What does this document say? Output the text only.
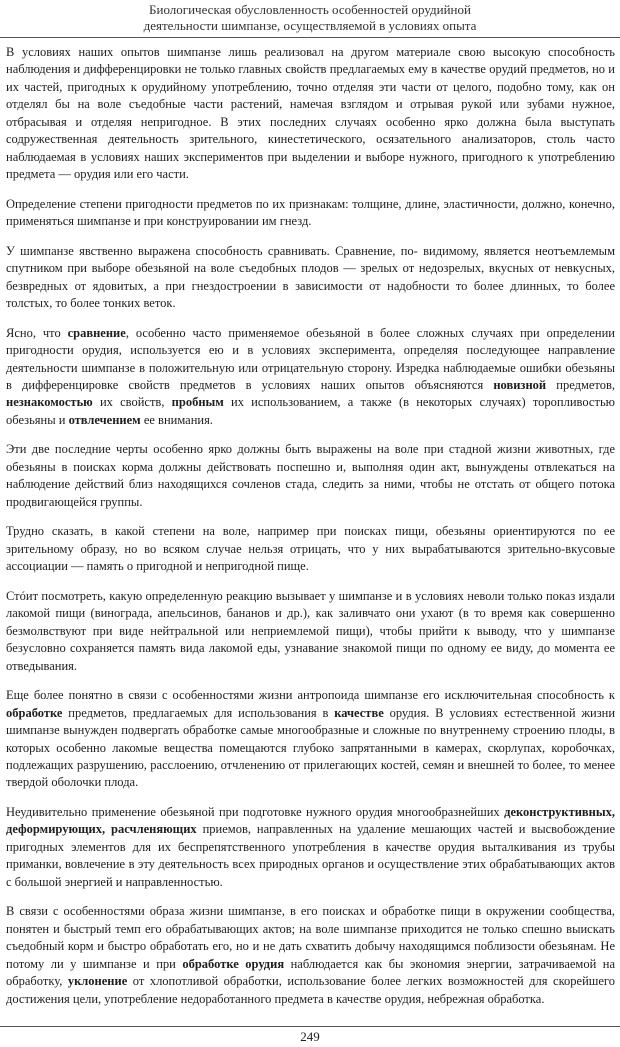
Биологическая обусловленность особенностей орудийной
деятельности шимпанзе, осуществляемой в условиях опыта

В условиях наших опытов шимпанзе лишь реализовал на другом материале свою высокую способность наблюдения и дифференцировки не только главных свойств предлагаемых ему в качестве орудий предметов, но и их частей, пригодных к орудийному употреблению, точно отделяя эти части от целого, подобно тому, как он отделял бы на воле съедобные части растений, намечая взглядом и отрывая рукой или зубами нужное, отбрасывая и отделяя непригодное. В этих последних случаях особенно ярко должна была выступать содружественная деятельность зрительного, кинестетического, осязательного анализаторов, столь часто наблюдаемая в условиях наших экспериментов при выделении и выборе нужного, пригодного к употреблению предмета — орудия или его части.

Определение степени пригодности предметов по их признакам: толщине, длине, эластичности, должно, конечно, применяться шимпанзе и при конструировании им гнезд.

У шимпанзе явственно выражена способность сравнивать. Сравнение, по- видимому, является неотъемлемым спутником при выборе обезьяной на воле съедобных плодов — зрелых от недозрелых, вкусных от невкусных, безвредных от ядовитых, а при гнездостроении в зависимости от надобности то более длинных, то более толстых, то более тонких веток.

Ясно, что сравнение, особенно часто применяемое обезьяной в более сложных случаях при определении пригодности орудия, используется ею и в условиях эксперимента, определяя последующее направление деятельности шимпанзе в положительную или отрицательную сторону. Изредка наблюдаемые ошибки обезьяны в дифференцировке свойств предметов в условиях наших опытов объясняются новизной предметов, незнакомостью их свойств, пробным их использованием, а также (в некоторых случаях) торопливостью обезьяны и отвлечением ее внимания.

Эти две последние черты особенно ярко должны быть выражены на воле при стадной жизни животных, где обезьяны в поисках корма должны действовать поспешно и, выполняя один акт, вынуждены отвлекаться на наблюдение действий близ находящихся сочленов стада, следить за ними, чтобы не отстать от общего потока продвигающейся группы.

Трудно сказать, в какой степени на воле, например при поисках пищи, обезьяны ориентируются по ее зрительному образу, но во всяком случае нельзя отрицать, что у них вырабатываются зрительно-вкусовые ассоциации — память о пригодной и непригодной пище.

Стóит посмотреть, какую определенную реакцию вызывает у шимпанзе и в условиях неволи только показ издали лакомой пищи (винограда, апельсинов, бананов и др.), как заливчато они ухают (в то время как совершенно безмолвствуют при виде нейтральной или неприемлемой пищи), чтобы прийти к выводу, что у шимпанзе безусловно сохраняется память вида лакомой еды, узнавание знакомой пищи по одному ее виду, до момента ее отведывания.

Еще более понятно в связи с особенностями жизни антропоида шимпанзе его исключительная способность к обработке предметов, предлагаемых для использования в качестве орудия. В условиях естественной жизни шимпанзе вынужден подвергать обработке самые многообразные и сложные по внутреннему строению плоды, в которых особенно лакомые вещества помещаются глубоко запрятанными в камерах, скорлупах, коробочках, подлежащих разрушению, расслоению, отчленению от прилегающих костей, семян и внешней то более, то менее твердой оболочки плода.

Неудивительно применение обезьяной при подготовке нужного орудия многообразнейших деконструктивных, деформирующих, расчленяющих приемов, направленных на удаление мешающих частей и высвобождение пригодных элементов для их беспрепятственного употребления в качестве орудия выталкивания из трубы приманки, вовлечение в эту деятельность всех природных органов и осуществление этих обрабатывающих актов с большой энергией и направленностью.

В связи с особенностями образа жизни шимпанзе, в его поисках и обработке пищи в окружении сообщества, понятен и быстрый темп его обрабатывающих актов; на воле шимпанзе приходится не только спешно выискать съедобный корм и быстро обработать его, но и не дать схватить добычу находящимся поблизости обезьянам. Не потому ли у шимпанзе и при обработке орудия наблюдается как бы экономия энергии, затрачиваемой на обработку, уклонение от хлопотливой обработки, использование более легких возможностей для скорейшего достижения цели, употребление недоработанного предмета в качестве орудия, небрежная обработка.

249
